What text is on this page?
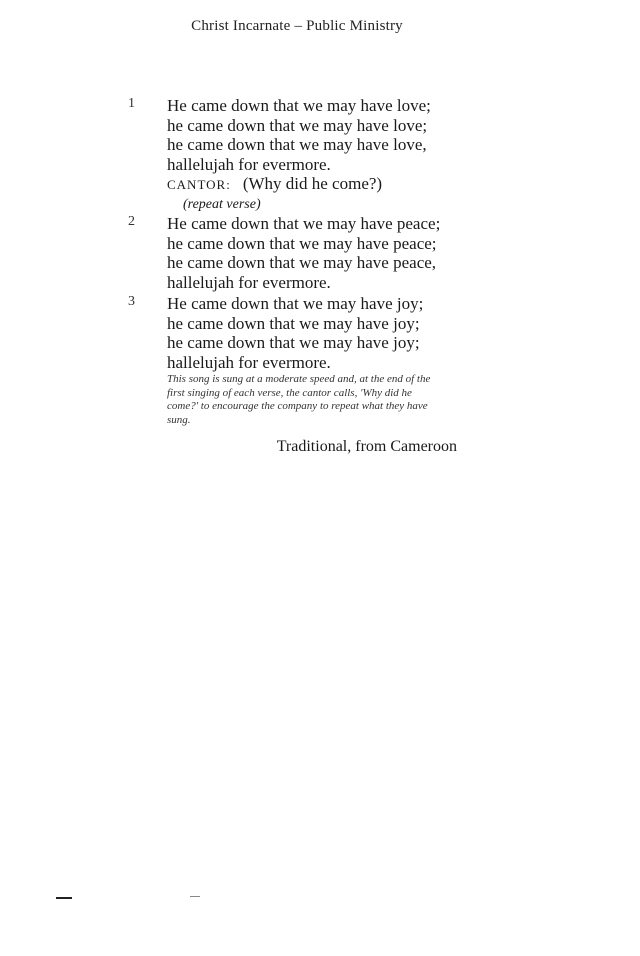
Christ Incarnate – Public Ministry
1 He came down that we may have love;
he came down that we may have love;
he came down that we may have love,
hallelujah for evermore.
CANTOR: (Why did he come?)
(repeat verse)
2 He came down that we may have peace;
he came down that we may have peace;
he came down that we may have peace,
hallelujah for evermore.
3 He came down that we may have joy;
he came down that we may have joy;
he came down that we may have joy;
hallelujah for evermore.
This song is sung at a moderate speed and, at the end of the first singing of each verse, the cantor calls, 'Why did he come?' to encourage the company to repeat what they have sung.
Traditional, from Cameroon
